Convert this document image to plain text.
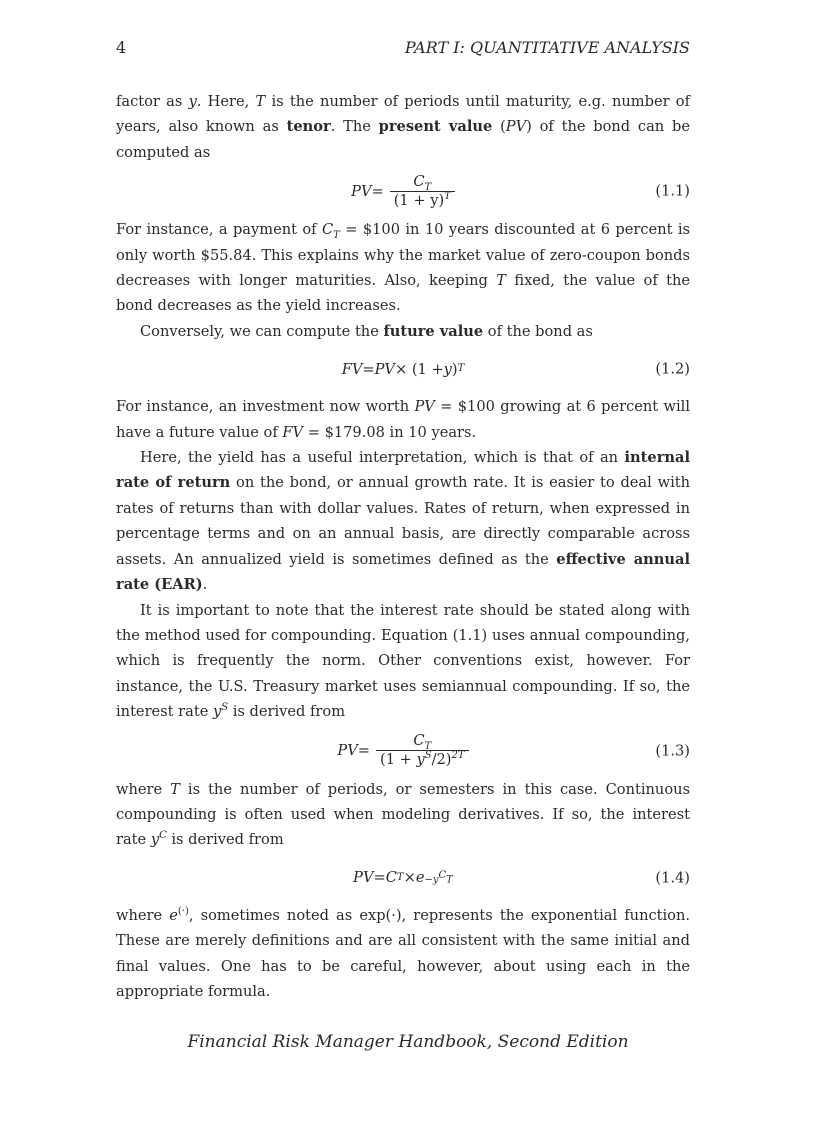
4	PART I: QUANTITATIVE ANALYSIS

factor as y. Here, T is the number of periods until maturity, e.g. number of years, also known as tenor. The present value (PV) of the bond can be computed as

PV = $\frac{C_T}{(1 + y)^T}$	(1.1)

For instance, a payment of $C_T$ = $100 in 10 years discounted at 6 percent is only worth $55.84. This explains why the market value of zero-coupon bonds decreases with longer maturities. Also, keeping T fixed, the value of the bond decreases as the yield increases.

Conversely, we can compute the future value of the bond as

FV = PV × (1 + y ) T	(1.2)

For instance, an investment now worth PV = $100 growing at 6 percent will have a future value of FV = $179.08 in 10 years.

Here, the yield has a useful interpretation, which is that of an internal rate of return on the bond, or annual growth rate. It is easier to deal with rates of returns than with dollar values. Rates of return, when expressed in percentage terms and on an annual basis, are directly comparable across assets. An annualized yield is sometimes defined as the effective annual rate (EAR).

It is important to note that the interest rate should be stated along with the method used for compounding. Equation (1.1) uses annual compounding, which is frequently the norm. Other conventions exist, however. For instance, the U.S. Treasury market uses semiannual compounding. If so, the interest rate $y^S$ is derived from

PV = $\frac{C_T}{(1 + y^S/2)^{2T}}$	(1.3)

where T is the number of periods, or semesters in this case. Continuous compounding is often used when modeling derivatives. If so, the interest rate $y^C$ is derived from

PV = C $T \times e -y^CT$	(1.4)

where e(·), sometimes noted as exp(·), represents the exponential function. These are merely definitions and are all consistent with the same initial and final values. One has to be careful, however, about using each in the appropriate formula.

Financial Risk Manager Handbook, Second Edition
